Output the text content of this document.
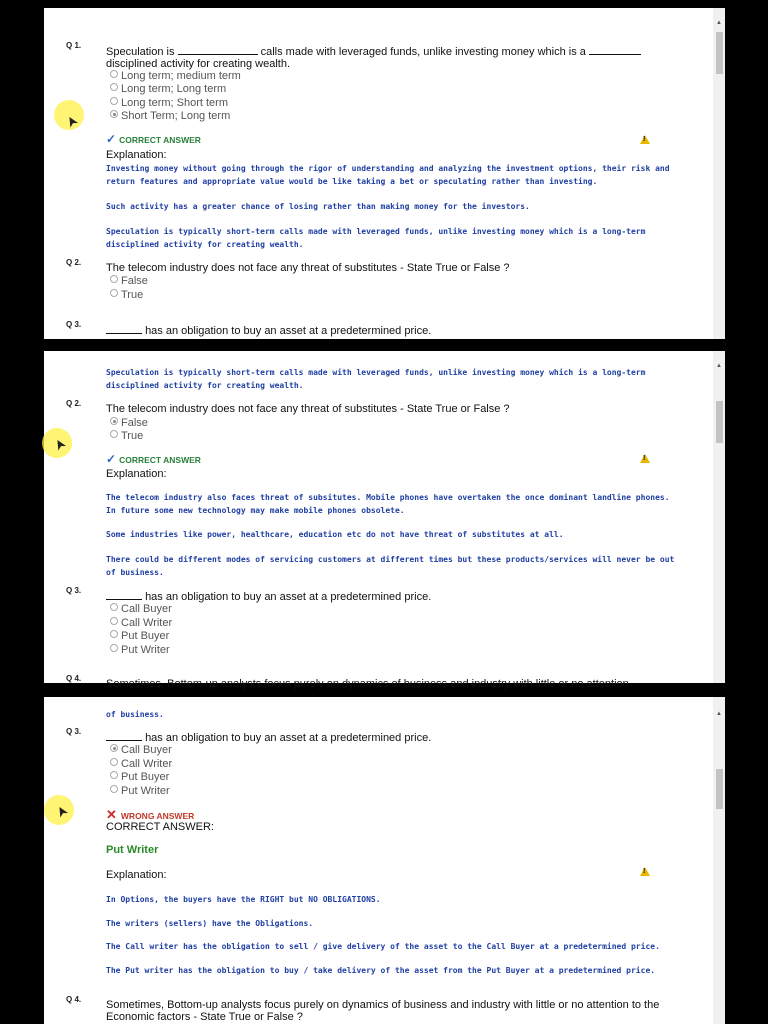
Q 1.
Speculation is	calls made with leveraged funds, unlike investing money which is a
disciplined activity for creating wealth.
Long term; medium term
Long term; Long term
Long term; Short term
Short Term; Long term
✓ CORRECT ANSWER
!
Explanation:
Investing money without going through the rigor of understanding and analyzing the investment options, their risk and return features and appropriate value would be like taking a bet or speculating rather than investing.
Such activity has a greater chance of losing rather than making money for the investors.
Speculation is typically short-term calls made with leveraged funds, unlike investing money which is a long-term disciplined activity for creating wealth.
Q 2. The telecom industry does not face any threat of substitutes - State True or False ?
False
True
Q 3.
has an obligation to buy an asset at a predetermined price.
▲
Speculation is typically short-term calls made with leveraged funds, unlike investing money which is a long-term disciplined activity for creating wealth.
Q 2. The telecom industry does not face any threat of substitutes - State True or False ?
False
True
✓ CORRECT ANSWER
!
Explanation:
The telecom industry also faces threat of subsitutes. Mobile phones have overtaken the once dominant landline phones. In future some new technology may make mobile phones obsolete.
Some industries like power, healthcare, education etc do not have threat of substitutes at all.
There could be different modes of servicing customers at different times but these products/services will never be out of business.
Q 3.
has an obligation to buy an asset at a predetermined price.
Call Buyer
Call Writer
Put Buyer
Put Writer
Q 4. Sometimes, Bottom-up analysts focus purely on dynamics of business and industry with little or no attention
▲
of business.
Q 3.
has an obligation to buy an asset at a predetermined price.
Call Buyer
Call Writer
Put Buyer
Put Writer
✕ WRONG ANSWER
CORRECT ANSWER:
Put Writer
Explanation:
!
In Options, the buyers have the RIGHT but NO OBLIGATIONS.
The writers (sellers) have the Obligations.
The Call writer has the obligation to sell / give delivery of the asset to the Call Buyer at a predetermined price.
The Put writer has the obligation to buy / take delivery of the asset from the Put Buyer at a predetermined price.
Q 4. Sometimes, Bottom-up analysts focus purely on dynamics of business and industry with little or no attention to the Economic factors - State True or False ?
▲
➤
➤
➤
